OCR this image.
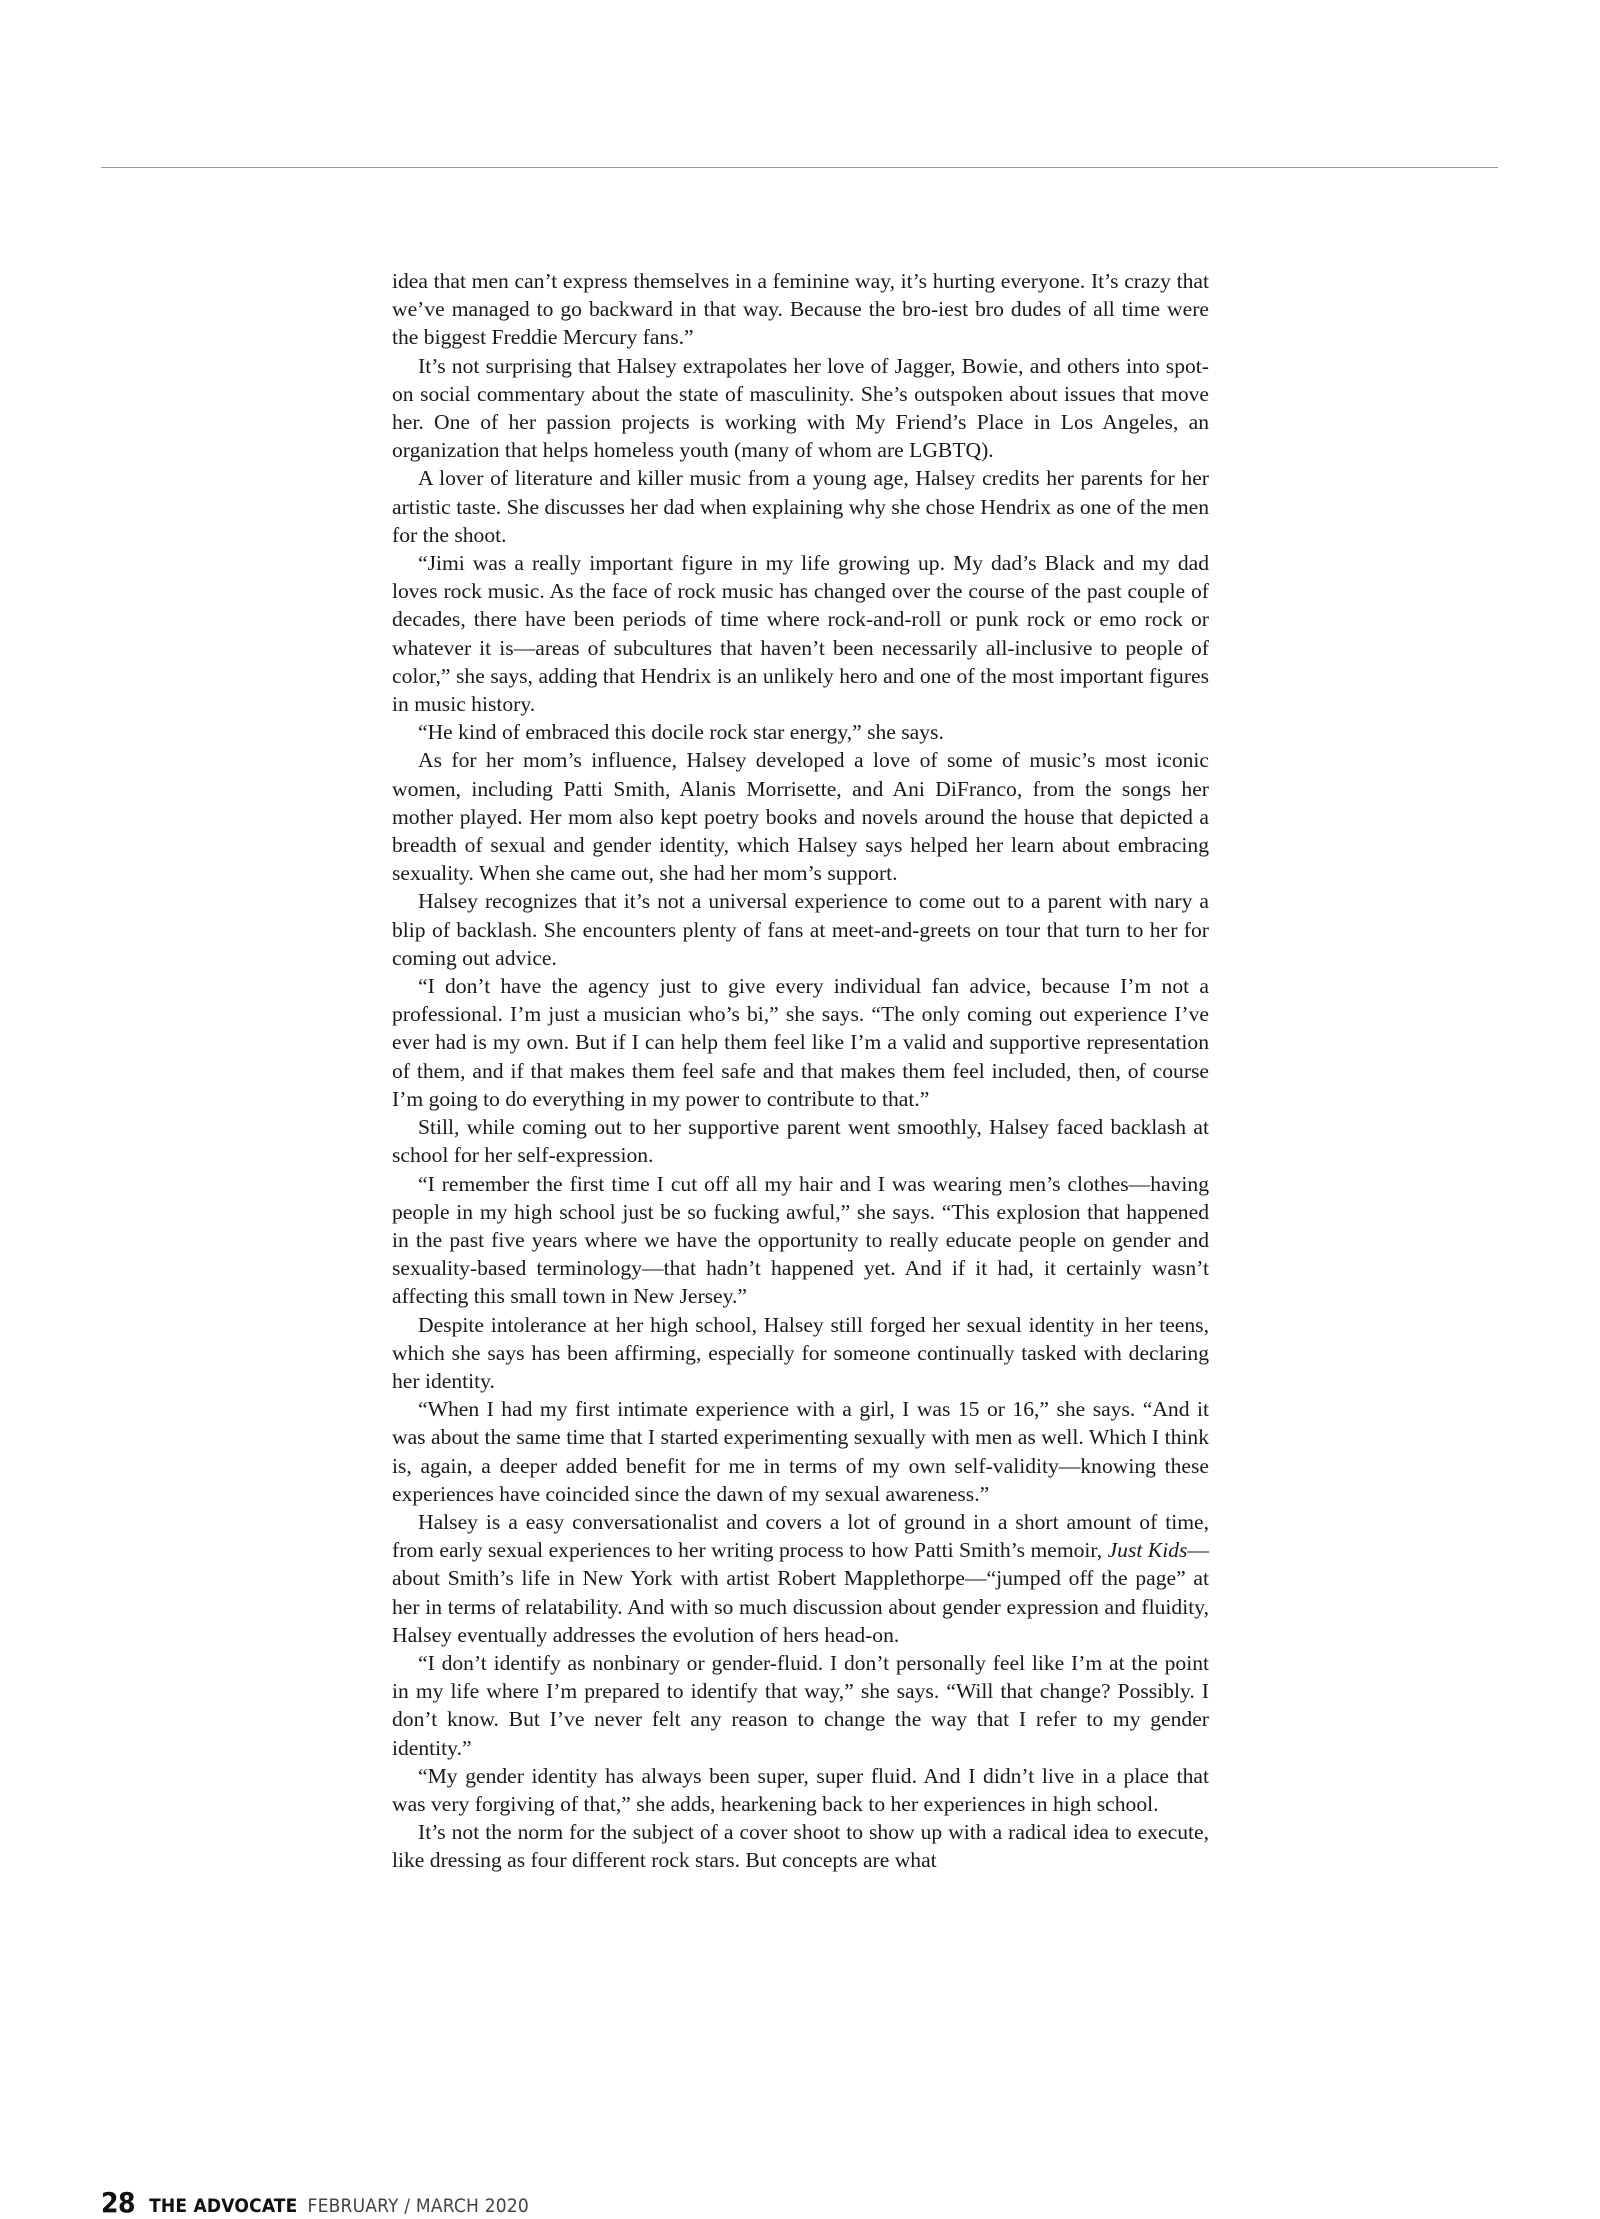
idea that men can’t express themselves in a feminine way, it’s hurting everyone. It’s crazy that we’ve managed to go backward in that way. Because the bro-iest bro dudes of all time were the biggest Freddie Mercury fans.”

It’s not surprising that Halsey extrapolates her love of Jagger, Bowie, and others into spot-on social commentary about the state of masculinity. She’s outspoken about issues that move her. One of her passion projects is working with My Friend’s Place in Los Angeles, an organization that helps homeless youth (many of whom are LGBTQ).

A lover of literature and killer music from a young age, Halsey credits her parents for her artistic taste. She discusses her dad when explaining why she chose Hendrix as one of the men for the shoot.

“Jimi was a really important figure in my life growing up. My dad’s Black and my dad loves rock music. As the face of rock music has changed over the course of the past couple of decades, there have been periods of time where rock-and-roll or punk rock or emo rock or whatever it is—areas of subcultures that haven’t been necessarily all-inclusive to people of color,” she says, adding that Hendrix is an unlikely hero and one of the most important figures in music history.

“He kind of embraced this docile rock star energy,” she says.

As for her mom’s influence, Halsey developed a love of some of music’s most iconic women, including Patti Smith, Alanis Morrisette, and Ani DiFranco, from the songs her mother played. Her mom also kept poetry books and novels around the house that depicted a breadth of sexual and gender identity, which Halsey says helped her learn about embracing sexuality. When she came out, she had her mom’s support.

Halsey recognizes that it’s not a universal experience to come out to a parent with nary a blip of backlash. She encounters plenty of fans at meet-and-greets on tour that turn to her for coming out advice.

“I don’t have the agency just to give every individual fan advice, because I’m not a professional. I’m just a musician who’s bi,” she says. “The only coming out experience I’ve ever had is my own. But if I can help them feel like I’m a valid and supportive representation of them, and if that makes them feel safe and that makes them feel included, then, of course I’m going to do everything in my power to contribute to that.”

Still, while coming out to her supportive parent went smoothly, Halsey faced backlash at school for her self-expression.

“I remember the first time I cut off all my hair and I was wearing men’s clothes—having people in my high school just be so fucking awful,” she says. “This explosion that happened in the past five years where we have the opportunity to really educate people on gender and sexuality-based terminology—that hadn’t happened yet. And if it had, it certainly wasn’t affecting this small town in New Jersey.”

Despite intolerance at her high school, Halsey still forged her sexual identity in her teens, which she says has been affirming, especially for someone continually tasked with declaring her identity.

“When I had my first intimate experience with a girl, I was 15 or 16,” she says. “And it was about the same time that I started experimenting sexually with men as well. Which I think is, again, a deeper added benefit for me in terms of my own self-validity—knowing these experiences have coincided since the dawn of my sexual awareness.”

Halsey is a easy conversationalist and covers a lot of ground in a short amount of time, from early sexual experiences to her writing process to how Patti Smith’s memoir, Just Kids—about Smith’s life in New York with artist Robert Mapplethorpe—“jumped off the page” at her in terms of relatability. And with so much discussion about gender expression and fluidity, Halsey eventually addresses the evolution of hers head-on.

“I don’t identify as nonbinary or gender-fluid. I don’t personally feel like I’m at the point in my life where I’m prepared to identify that way,” she says. “Will that change? Possibly. I don’t know. But I’ve never felt any reason to change the way that I refer to my gender identity.”

“My gender identity has always been super, super fluid. And I didn’t live in a place that was very forgiving of that,” she adds, hearkening back to her experiences in high school.

It’s not the norm for the subject of a cover shoot to show up with a radical idea to execute, like dressing as four different rock stars. But concepts are what

28 THE ADVOCATE FEBRUARY / MARCH 2020
